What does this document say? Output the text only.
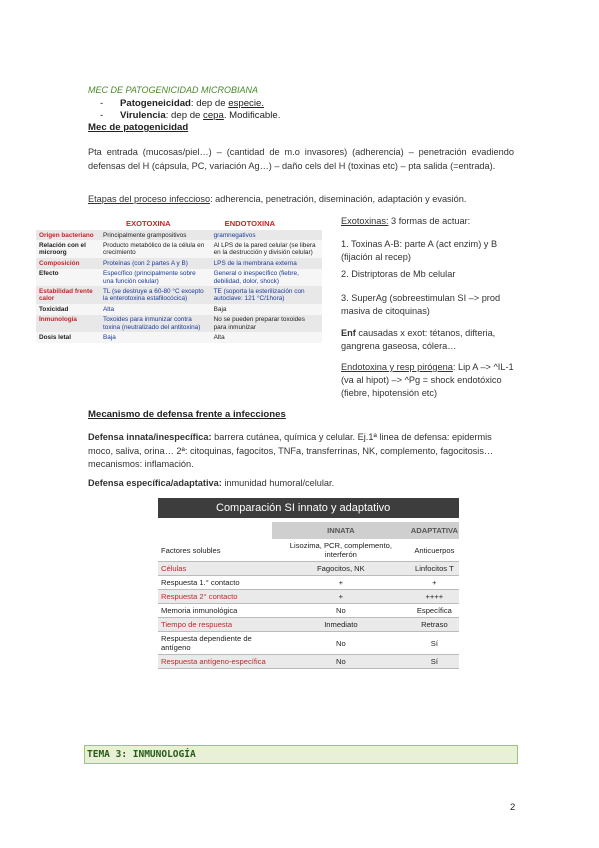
MEC DE PATOGENICIDAD MICROBIANA
- Patogeneicidad: dep de especie.
- Virulencia: dep de cepa. Modificable.
Mec de patogenicidad
Pta entrada (mucosas/piel…) – (cantidad de m.o invasores) (adherencia) – penetración evadiendo defensas del H (cápsula, PC, variación Ag…) – daño cels del H (toxinas etc) – pta salida (=entrada).
Etapas del proceso infeccioso: adherencia, penetración, diseminación, adaptación y evasión.
	EXOTOXINA	ENDOTOXINA
Origen bacteriano	Principalmente grampositivos	gramnegativos
Relación con el microorg	Producto metabólico de la célula en crecimiento	Al LPS de la pared celular (se libera en la destrucción y división celular)
Composición	Proteínas (con 2 partes A y B)	LPS de la membrana externa
Efecto	Específico (principalmente sobre una función celular)	General o inespecífico (fiebre, debilidad, dolor, shock)
Estabilidad frente calor	TL (se destruye a 60-80 °C excepto la enterotoxina estafilocócica)	TE (soporta la esterilización con autoclave: 121 °C/1hora)
Toxicidad	Alta	Baja
Inmunología	Toxoides para inmunizar contra toxina (neutralizado del antitoxina)	No se pueden preparar toxoides para inmunizar
Dosis letal	Baja	Alta
Exotoxinas: 3 formas de actuar:
1. Toxinas A-B: parte A (act enzim) y B (fijación al recep)
2. Distriptoras de Mb celular
3. SuperAg (sobreestimulan SI –> prod masiva de citoquinas)
Enf causadas x exot: tétanos, difteria, gangrena gaseosa, cólera…
Endotoxina y resp pirógena: Lip A –> ^IL-1 (va al hipot) –> ^Pg = shock endotóxico (fiebre, hipotensión etc)
Mecanismo de defensa frente a infecciones
Defensa innata/inespecífica: barrera cutánea, química y celular. Ej.1ª linea de defensa: epidermis moco, saliva, orina… 2ª: citoquinas, fagocitos, TNFa, transferrinas, NK, complemento, fagocitosis… mecanismos: inflamación.
Defensa específica/adaptativa: inmunidad humoral/celular.
Comparación SI innato y adaptativo
	INNATA	ADAPTATIVA
Factores solubles	Lisozima, PCR, complemento, interferón	Anticuerpos
Células	Fagocitos, NK	Linfocitos T
Respuesta 1.° contacto	+	+
Respuesta 2° contacto	+	++++
Memoria inmunológica	No	Específica
Tiempo de respuesta	Inmediato	Retraso
Respuesta dependiente de antígeno	No	Sí
Respuesta antígeno-específica	No	Sí
TEMA 3: INMUNOLOGÍA
2
